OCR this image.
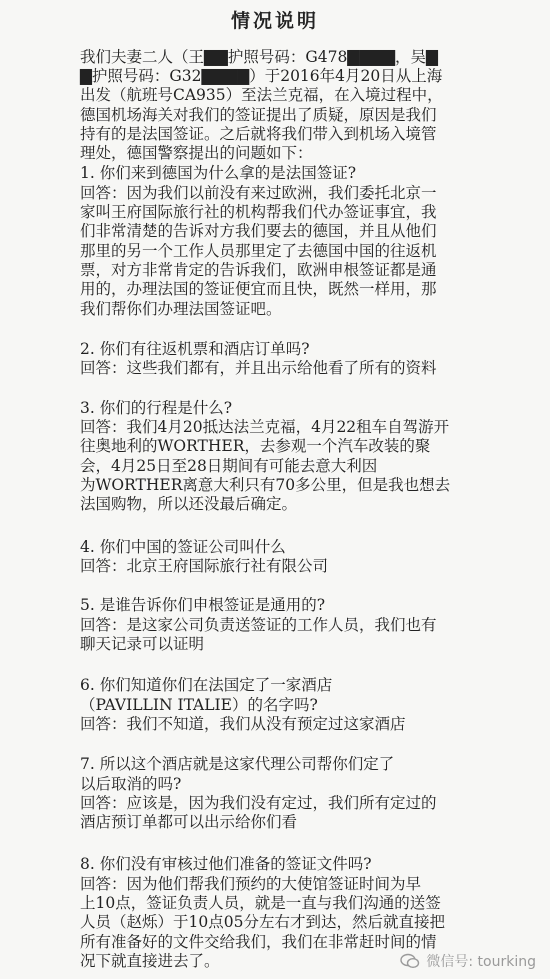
情况说明
我们夫妻二人（王▇▇护照号码：G478▇▇▇▇，吴▇
▇护照号码：G32▇▇▇▇）于2016年4月20日从上海
出发（航班号CA935）至法兰克福，在入境过程中，
德国机场海关对我们的签证提出了质疑，原因是我们
持有的是法国签证。之后就将我们带入到机场入境管
理处，德国警察提出的问题如下：
1. 你们来到德国为什么拿的是法国签证?
回答：因为我们以前没有来过欧洲，我们委托北京一
家叫王府国际旅行社的机构帮我们代办签证事宜，我
们非常清楚的告诉对方我们要去的德国，并且从他们
那里的另一个工作人员那里定了去德国中国的往返机
票，对方非常肯定的告诉我们，欧洲申根签证都是通
用的，办理法国的签证便宜而且快，既然一样用，那
我们帮你们办理法国签证吧。
2. 你们有往返机票和酒店订单吗?
回答：这些我们都有，并且出示给他看了所有的资料
3. 你们的行程是什么?
回答：我们4月20抵达法兰克福，4月22租车自驾游开
往奥地利的WORTHER，去参观一个汽车改装的聚
会，4月25日至28日期间有可能去意大利因
为WORTHER离意大利只有70多公里，但是我也想去
法国购物，所以还没最后确定。
4. 你们中国的签证公司叫什么
回答：北京王府国际旅行社有限公司
5. 是谁告诉你们申根签证是通用的?
回答：是这家公司负责送签证的工作人员，我们也有
聊天记录可以证明
6. 你们知道你们在法国定了一家酒店
（PAVILLIN ITALIE）的名字吗?
回答：我们不知道，我们从没有预定过这家酒店
7. 所以这个酒店就是这家代理公司帮你们定了
以后取消的吗?
回答：应该是，因为我们没有定过，我们所有定过的
酒店预订单都可以出示给你们看
8. 你们没有审核过他们准备的签证文件吗?
回答：因为他们帮我们预约的大使馆签证时间为早
上10点，签证负责人员，就是一直与我们沟通的送签
人员（赵烁）于10点05分左右才到达，然后就直接把
所有准备好的文件交给我们，我们在非常赶时间的情
况下就直接进去了。	微信号: tourking
